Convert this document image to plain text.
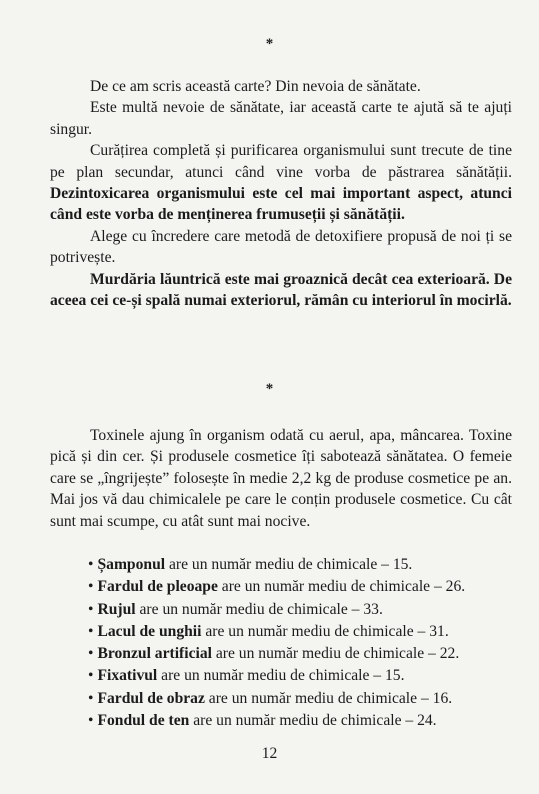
*

De ce am scris această carte? Din nevoia de sănătate.

Este multă nevoie de sănătate, iar această carte te ajută să te ajuți singur.

Curățirea completă și purificarea organismului sunt trecute de tine pe plan secundar, atunci când vine vorba de păstrarea sănătății. Dezintoxicarea organismului este cel mai important aspect, atunci când este vorba de menținerea frumuseții și sănătății.

Alege cu încredere care metodă de detoxifiere propusă de noi ți se potrivește.

Murdăria lăuntrică este mai groaznică decât cea exterioară. De aceea cei ce-și spală numai exteriorul, rămân cu interiorul în mocirlă.

*

Toxinele ajung în organism odată cu aerul, apa, mâncarea. Toxine pică și din cer. Și produsele cosmetice îți sabotează sănătatea. O femeie care se „îngrijește” folosește în medie 2,2 kg de produse cosmetice pe an. Mai jos vă dau chimicalele pe care le conțin produsele cosmetice. Cu cât sunt mai scumpe, cu atât sunt mai nocive.

• Șamponul are un număr mediu de chimicale – 15.
• Fardul de pleoape are un număr mediu de chimicale – 26.
• Rujul are un număr mediu de chimicale – 33.
• Lacul de unghii are un număr mediu de chimicale – 31.
• Bronzul artificial are un număr mediu de chimicale – 22.
• Fixativul are un număr mediu de chimicale – 15.
• Fardul de obraz are un număr mediu de chimicale – 16.
• Fondul de ten are un număr mediu de chimicale – 24.
12
